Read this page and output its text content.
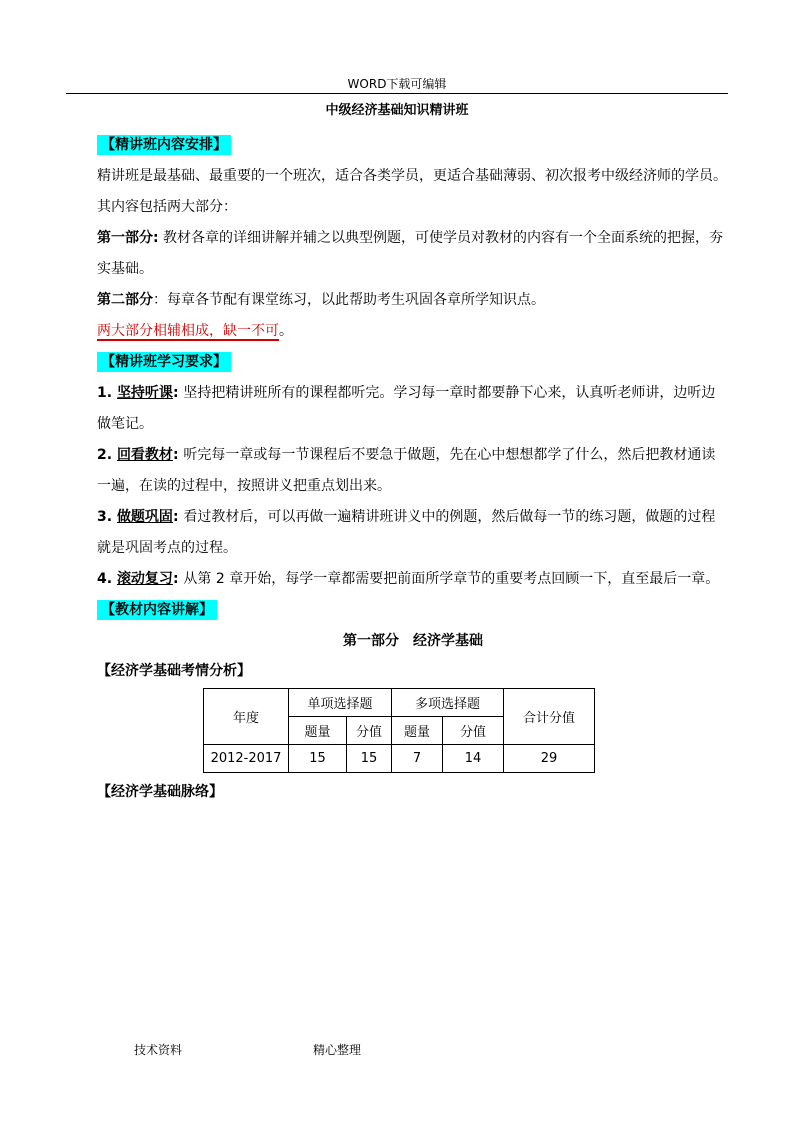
WORD下载可编辑
中级经济基础知识精讲班

【精讲班内容安排】

精讲班是最基础、最重要的一个班次，适合各类学员，更适合基础薄弱、初次报考中级经济师的学员。其内容包括两大部分：

第一部分: 教材各章的详细讲解并辅之以典型例题，可使学员对教材的内容有一个全面系统的把握，夯实基础。

第二部分：每章各节配有课堂练习，以此帮助考生巩固各章所学知识点。

两大部分相辅相成，缺一不可。

【精讲班学习要求】

1. 坚持听课: 坚持把精讲班所有的课程都听完。学习每一章时都要静下心来，认真听老师讲，边听边做笔记。

2. 回看教材: 听完每一章或每一节课程后不要急于做题，先在心中想想都学了什么，然后把教材通读一遍，在读的过程中，按照讲义把重点划出来。

3. 做题巩固: 看过教材后，可以再做一遍精讲班讲义中的例题，然后做每一节的练习题，做题的过程就是巩固考点的过程。

4. 滚动复习: 从第 2 章开始，每学一章都需要把前面所学章节的重要考点回顾一下，直至最后一章。

【教材内容讲解】

第一部分　经济学基础

【经济学基础考情分析】

年度	单项选择题		多项选择题		合计分值
	题量	分值	题量	分值	
2012-2017	15	15	7	14	29
【经济学基础脉络】
技术资料	精心整理
